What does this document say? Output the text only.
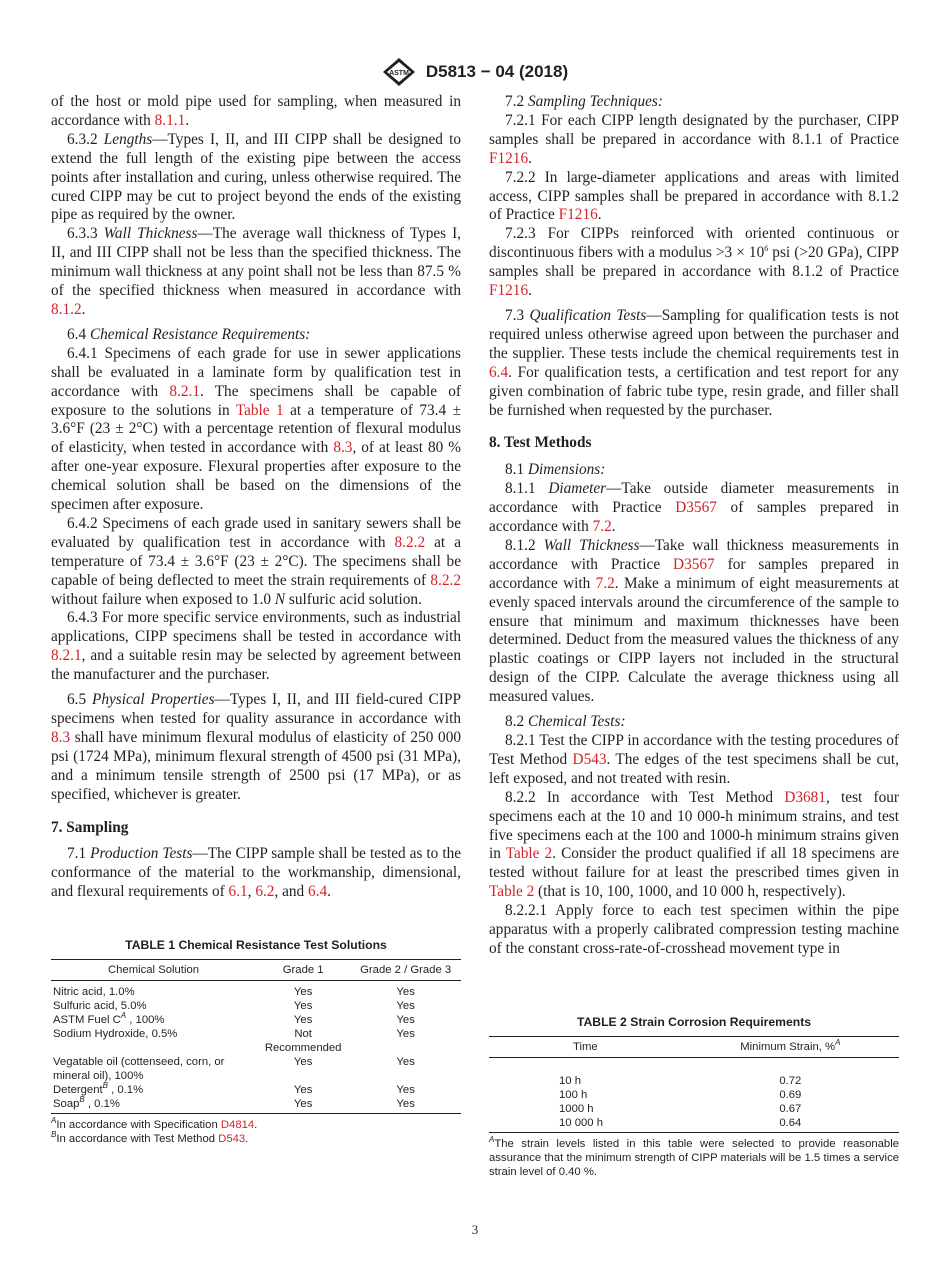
ASTM D5813 − 04 (2018)

of the host or mold pipe used for sampling, when measured in accordance with 8.1.1.

6.3.2 Lengths—Types I, II, and III CIPP shall be designed to extend the full length of the existing pipe between the access points after installation and curing, unless otherwise required. The cured CIPP may be cut to project beyond the ends of the existing pipe as required by the owner.

6.3.3 Wall Thickness—The average wall thickness of Types I, II, and III CIPP shall not be less than the specified thickness. The minimum wall thickness at any point shall not be less than 87.5 % of the specified thickness when measured in accordance with 8.1.2.

6.4 Chemical Resistance Requirements:

6.4.1 Specimens of each grade for use in sewer applications shall be evaluated in a laminate form by qualification test in accordance with 8.2.1. The specimens shall be capable of exposure to the solutions in Table 1 at a temperature of 73.4 ± 3.6°F (23 ± 2°C) with a percentage retention of flexural modulus of elasticity, when tested in accordance with 8.3, of at least 80 % after one-year exposure. Flexural properties after exposure to the chemical solution shall be based on the dimensions of the specimen after exposure.

6.4.2 Specimens of each grade used in sanitary sewers shall be evaluated by qualification test in accordance with 8.2.2 at a temperature of 73.4 ± 3.6°F (23 ± 2°C). The specimens shall be capable of being deflected to meet the strain requirements of 8.2.2 without failure when exposed to 1.0 N sulfuric acid solution.

6.4.3 For more specific service environments, such as industrial applications, CIPP specimens shall be tested in accordance with 8.2.1, and a suitable resin may be selected by agreement between the manufacturer and the purchaser.

6.5 Physical Properties—Types I, II, and III field-cured CIPP specimens when tested for quality assurance in accordance with 8.3 shall have minimum flexural modulus of elasticity of 250 000 psi (1724 MPa), minimum flexural strength of 4500 psi (31 MPa), and a minimum tensile strength of 2500 psi (17 MPa), or as specified, whichever is greater.

7. Sampling

7.1 Production Tests—The CIPP sample shall be tested as to the conformance of the material to the workmanship, dimensional, and flexural requirements of 6.1, 6.2, and 6.4.

TABLE 1 Chemical Resistance Test Solutions
Chemical Solution	Grade 1	Grade 2 / Grade 3
Nitric acid, 1.0%	Yes	Yes
Sulfuric acid, 5.0%	Yes	Yes
ASTM Fuel $C^A$ , 100%	Yes	Yes
Sodium Hydroxide, 0.5%	Not Recommended	Yes
Vegatable oil (cottenseed, corn, or mineral oil), 100%	Yes	Yes
Detergent$^B$ , 0.1%	Yes	Yes
Soap$^B$ , 0.1%	Yes	Yes
$^A$In accordance with Specification D4814.
$^B$In accordance with Test Method D543.

7.2 Sampling Techniques:

7.2.1 For each CIPP length designated by the purchaser, CIPP samples shall be prepared in accordance with 8.1.1 of Practice F1216.

7.2.2 In large-diameter applications and areas with limited access, CIPP samples shall be prepared in accordance with 8.1.2 of Practice F1216.

7.2.3 For CIPPs reinforced with oriented continuous or discontinuous fibers with a modulus $>3 \times 10^6$ psi (>20 GPa), CIPP samples shall be prepared in accordance with 8.1.2 of Practice F1216.

7.3 Qualification Tests—Sampling for qualification tests is not required unless otherwise agreed upon between the purchaser and the supplier. These tests include the chemical requirements test in 6.4. For qualification tests, a certification and test report for any given combination of fabric tube type, resin grade, and filler shall be furnished when requested by the purchaser.

8. Test Methods

8.1 Dimensions:

8.1.1 Diameter—Take outside diameter measurements in accordance with Practice D3567 of samples prepared in accordance with 7.2.

8.1.2 Wall Thickness—Take wall thickness measurements in accordance with Practice D3567 for samples prepared in accordance with 7.2. Make a minimum of eight measurements at evenly spaced intervals around the circumference of the sample to ensure that minimum and maximum thicknesses have been determined. Deduct from the measured values the thickness of any plastic coatings or CIPP layers not included in the structural design of the CIPP. Calculate the average thickness using all measured values.

8.2 Chemical Tests:

8.2.1 Test the CIPP in accordance with the testing procedures of Test Method D543. The edges of the test specimens shall be cut, left exposed, and not treated with resin.

8.2.2 In accordance with Test Method D3681, test four specimens each at the 10 and 10 000-h minimum strains, and test five specimens each at the 100 and 1000-h minimum strains given in Table 2. Consider the product qualified if all 18 specimens are tested without failure for at least the prescribed times given in Table 2 (that is 10, 100, 1000, and 10 000 h, respectively).

8.2.2.1 Apply force to each test specimen within the pipe apparatus with a properly calibrated compression testing machine of the constant cross-rate-of-crosshead movement type in

TABLE 2 Strain Corrosion Requirements
Time	Minimum Strain, %$^A$
10 h	0.72
100 h	0.69
1000 h	0.67
10 000 h	0.64
$^A$The strain levels listed in this table were selected to provide reasonable assurance that the minimum strength of CIPP materials will be 1.5 times a service strain level of 0.40 %.
3
